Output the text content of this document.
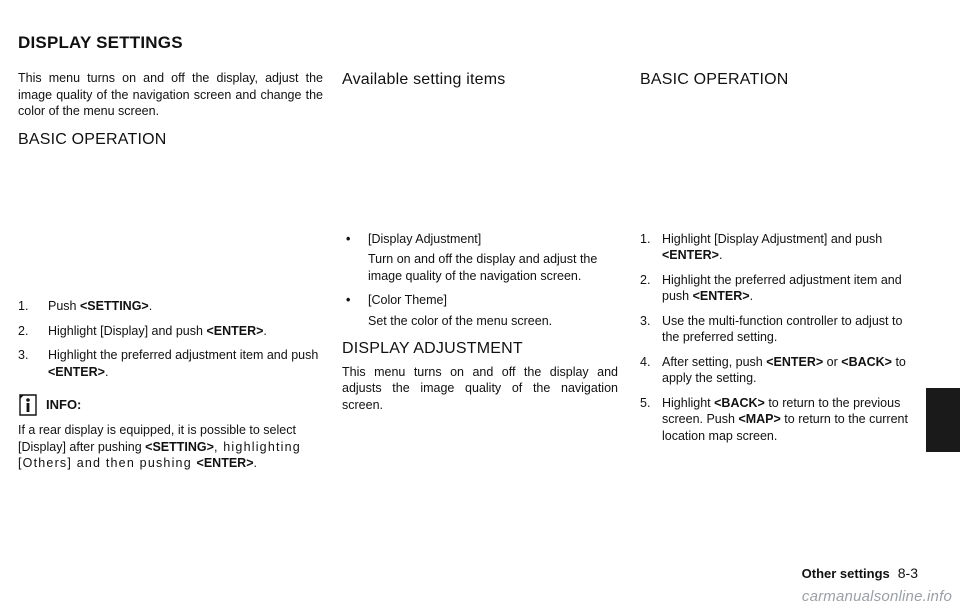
DISPLAY SETTINGS

This menu turns on and off the display, adjust the image quality of the navigation screen and change the color of the menu screen.

BASIC OPERATION
1. Push <SETTING>.
2. Highlight [Display] and push <ENTER>.
3. Highlight the preferred adjustment item and push <ENTER>.
INFO:

If a rear display is equipped, it is possible to select [Display] after pushing <SETTING>, highlighting [Others] and then pushing <ENTER>.

Available setting items
• [Display Adjustment]
Turn on and off the display and adjust the image quality of the navigation screen.
• [Color Theme]
Set the color of the menu screen.
DISPLAY ADJUSTMENT

This menu turns on and off the display and adjusts the image quality of the navigation screen.

BASIC OPERATION
1. Highlight [Display Adjustment] and push <ENTER>.
2. Highlight the preferred adjustment item and push <ENTER>.
3. Use the multi-function controller to adjust to the preferred setting.
4. After setting, push <ENTER> or <BACK> to apply the setting.
5. Highlight <BACK> to return to the previous screen. Push <MAP> to return to the current location map screen.
Other settings 8-3
carmanualsonline.info
